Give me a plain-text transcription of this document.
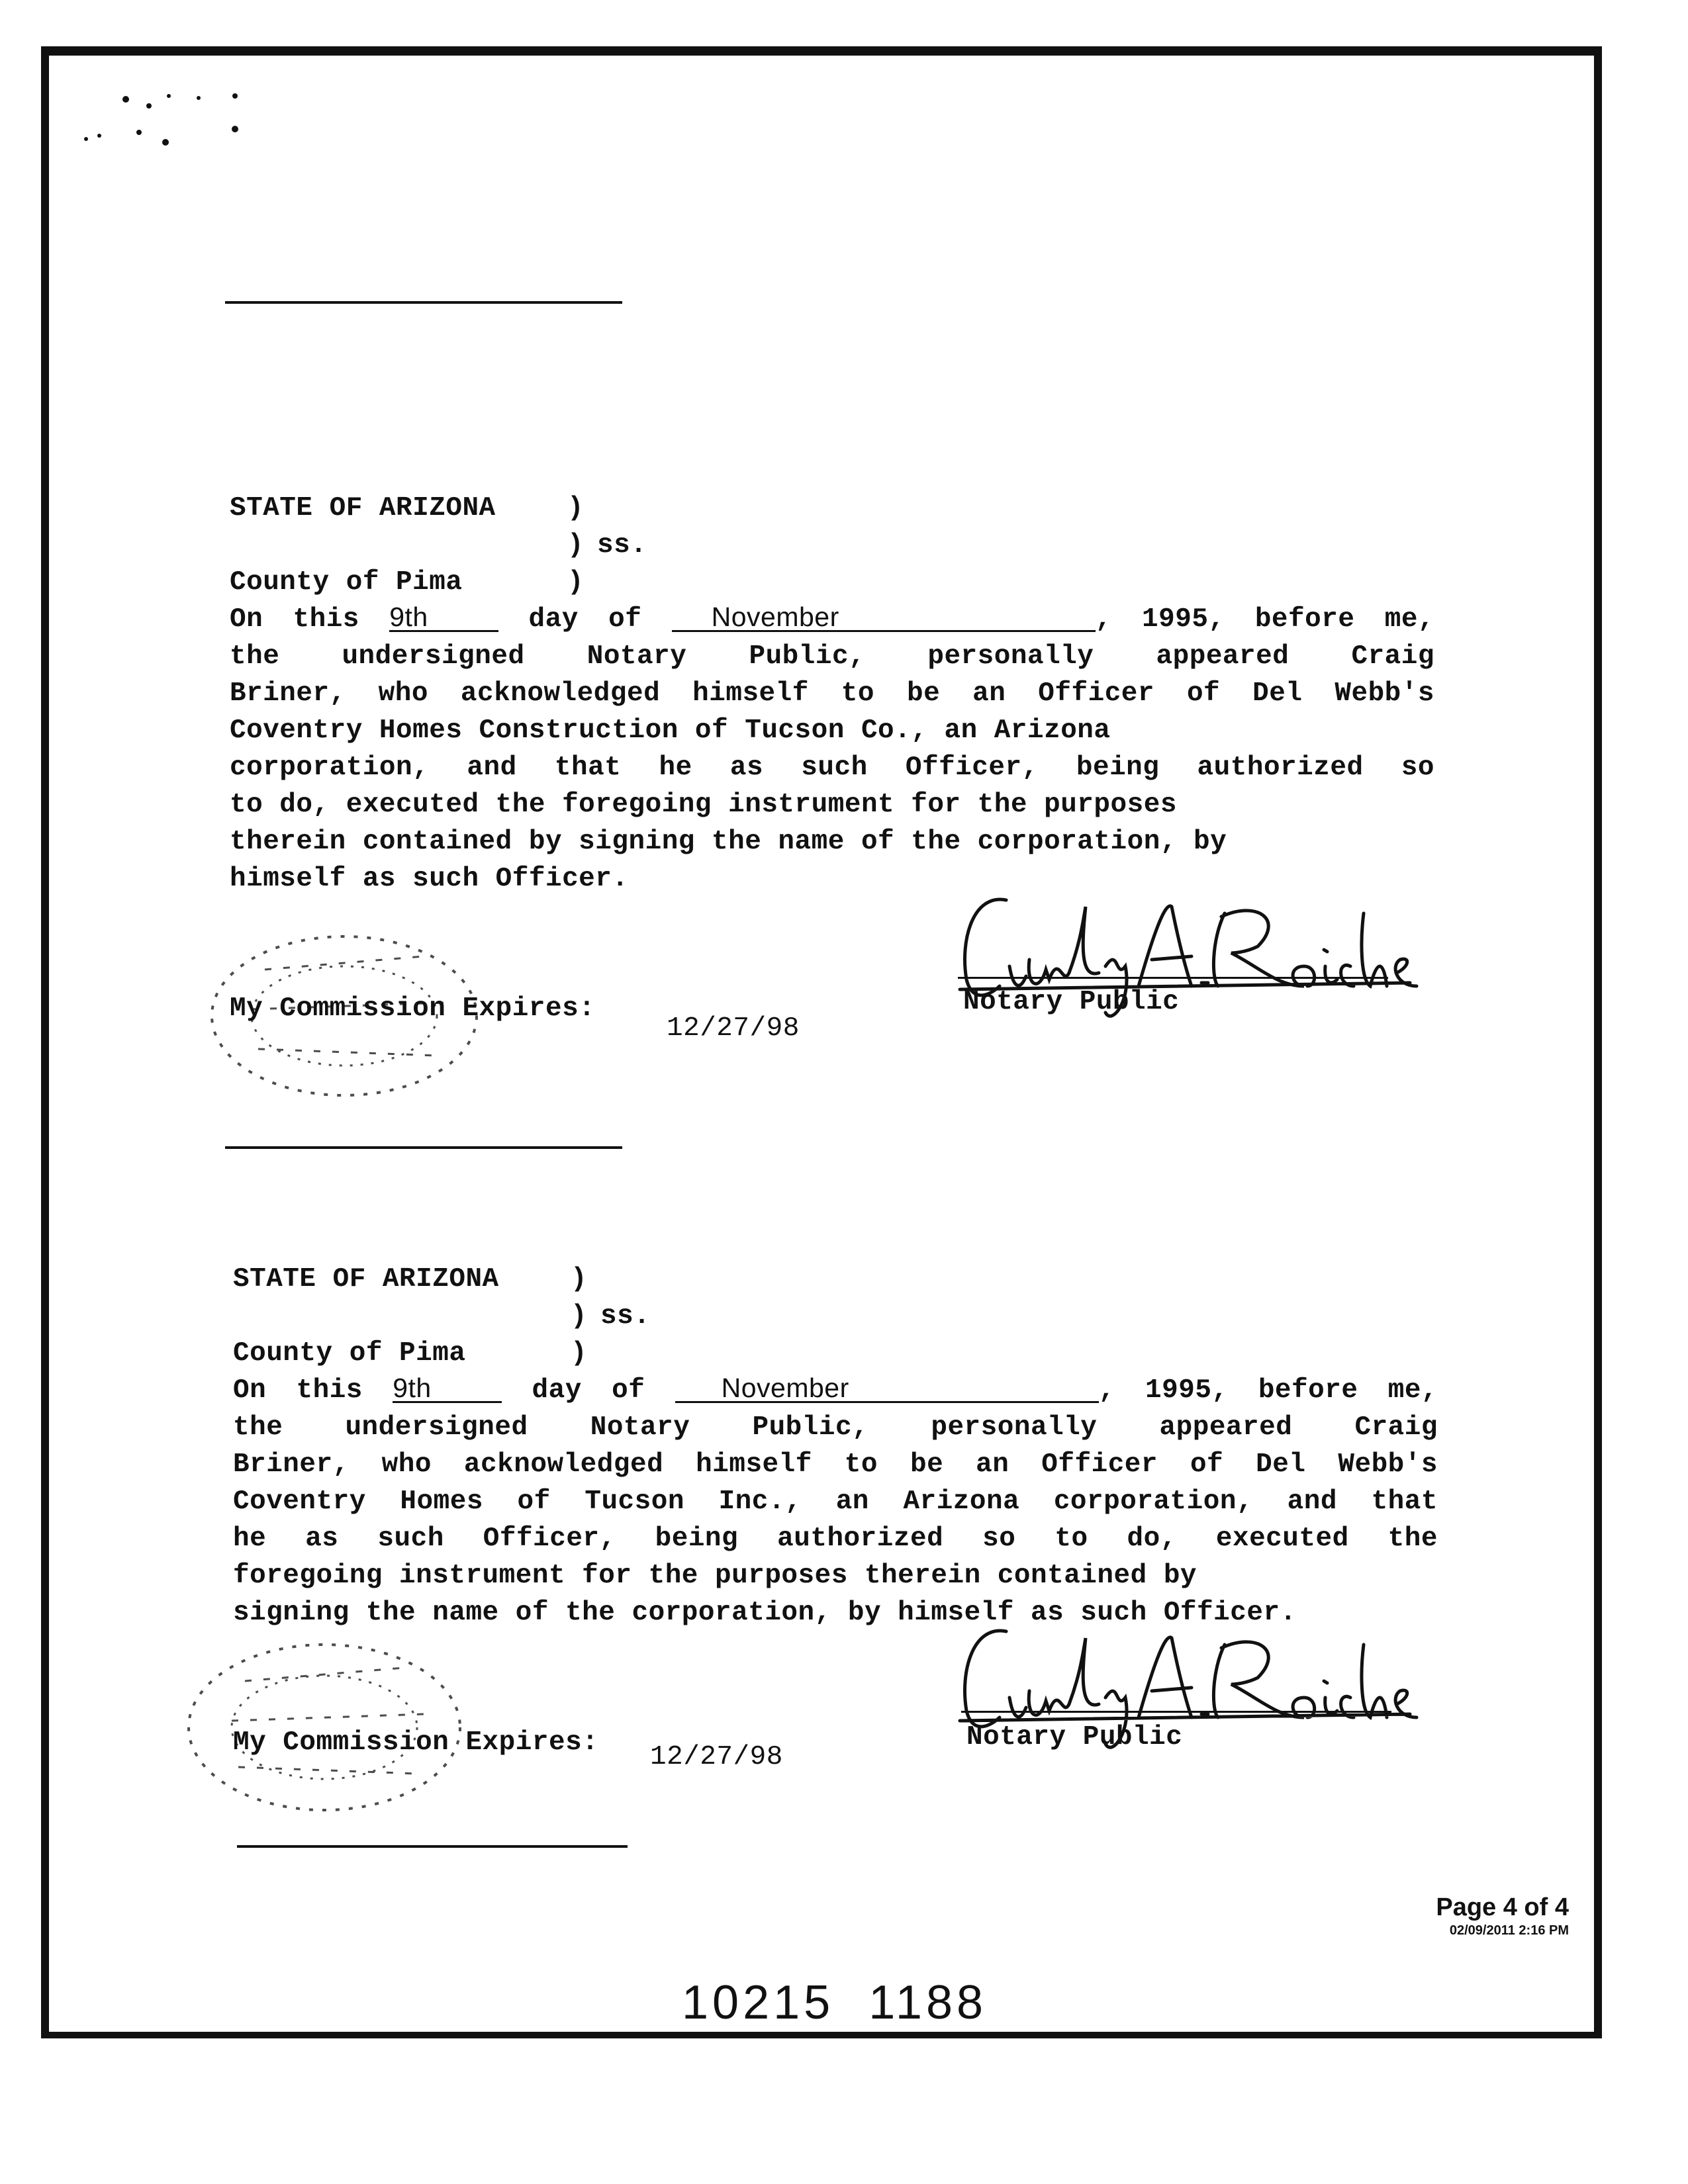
STATE OF ARIZONA	)
) ss.
County of Pima	)

On this 9th	day of	November	, 1995, before me,

the undersigned Notary Public, personally appeared Craig

Briner, who acknowledged himself to be an Officer of Del Webb's

Coventry Homes Construction of Tucson Co., an Arizona

corporation, and that he as such Officer, being authorized so

to do, executed the foregoing instrument for the purposes

therein contained by signing the name of the corporation, by

himself as such Officer.

My Commission Expires:
12/27/98
Notary Public
STATE OF ARIZONA	)
) ss.
County of Pima	)

On this 9th	day of	November	, 1995, before me,

the undersigned Notary Public, personally appeared Craig

Briner, who acknowledged himself to be an Officer of Del Webb's

Coventry Homes of Tucson Inc., an Arizona corporation, and that

he as such Officer, being authorized so to do, executed the

foregoing instrument for the purposes therein contained by

signing the name of the corporation, by himself as such Officer.

My Commission Expires: 12/27/98
Notary Public
Page 4 of 4
02/09/2011 2:16 PM
10215  1188
